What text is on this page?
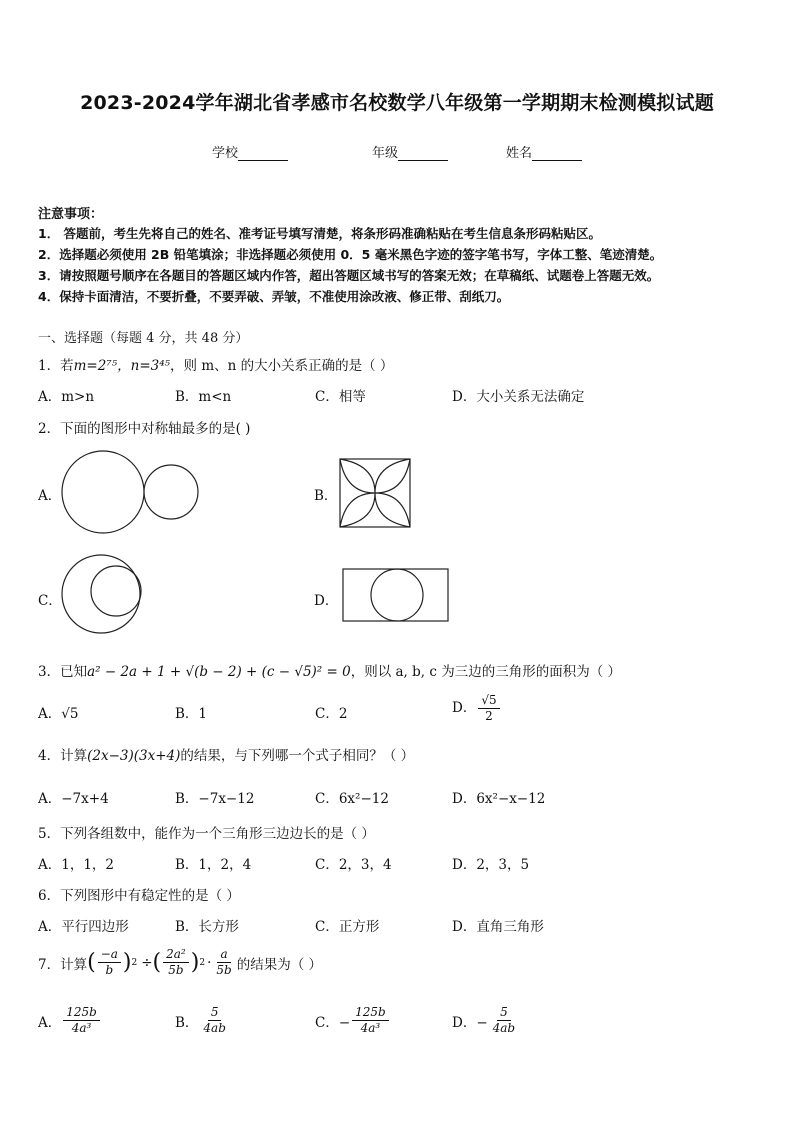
2023-2024学年湖北省孝感市名校数学八年级第一学期期末检测模拟试题
学校	年级	姓名
注意事项：
1． 答题前，考生先将自己的姓名、准考证号填写清楚，将条形码准确粘贴在考生信息条形码粘贴区。
2．选择题必须使用 2B 铅笔填涂；非选择题必须使用 0．5 毫米黑色字迹的签字笔书写，字体工整、笔迹清楚。
3．请按照题号顺序在各题目的答题区域内作答，超出答题区域书写的答案无效；在草稿纸、试题卷上答题无效。
4．保持卡面清洁，不要折叠，不要弄破、弄皱，不准使用涂改液、修正带、刮纸刀。
一、选择题（每题 4 分，共 48 分）
1．若m=2⁷⁵，n=3⁴⁵，则 m、n 的大小关系正确的是（ ）
A．m>n	B．m<n	C．相等	D．大小关系无法确定
2．下面的图形中对称轴最多的是( )
A．	B．
C．	D．
3．已知a² − 2a + 1 + √(b − 2) + (c − √5)² = 0，则以 a, b, c 为三边的三角形的面积为（ ）
A．√5	B．1	C．2	D． $\frac{√5}{2}$
4．计算(2x−3)(3x+4)的结果，与下列哪一个式子相同？（ ）
A．−7x+4	B．−7x−12	C．6x²−12	D．6x²−x−12
5．下列各组数中，能作为一个三角形三边边长的是（ ）
A．1，1，2	B．1，2，4	C．2，3，4	D．2，3，5
6．下列图形中有稳定性的是（ ）
A．平行四边形	B．长方形	C．正方形	D．直角三角形
7．计算 ( $\frac{-a}{b}$ ) 2 ÷ ( $\frac{\text{2a²}}{5b}$ ) $2 \cdot \frac{a}{5b}$ 的结果为（ ）
A． $\frac{125b}{\text{4a³}}$	B． $\frac{5}{4ab}$	C．− $\frac{125b}{\text{4a³}}$	D．− $\frac{5}{4ab}$
